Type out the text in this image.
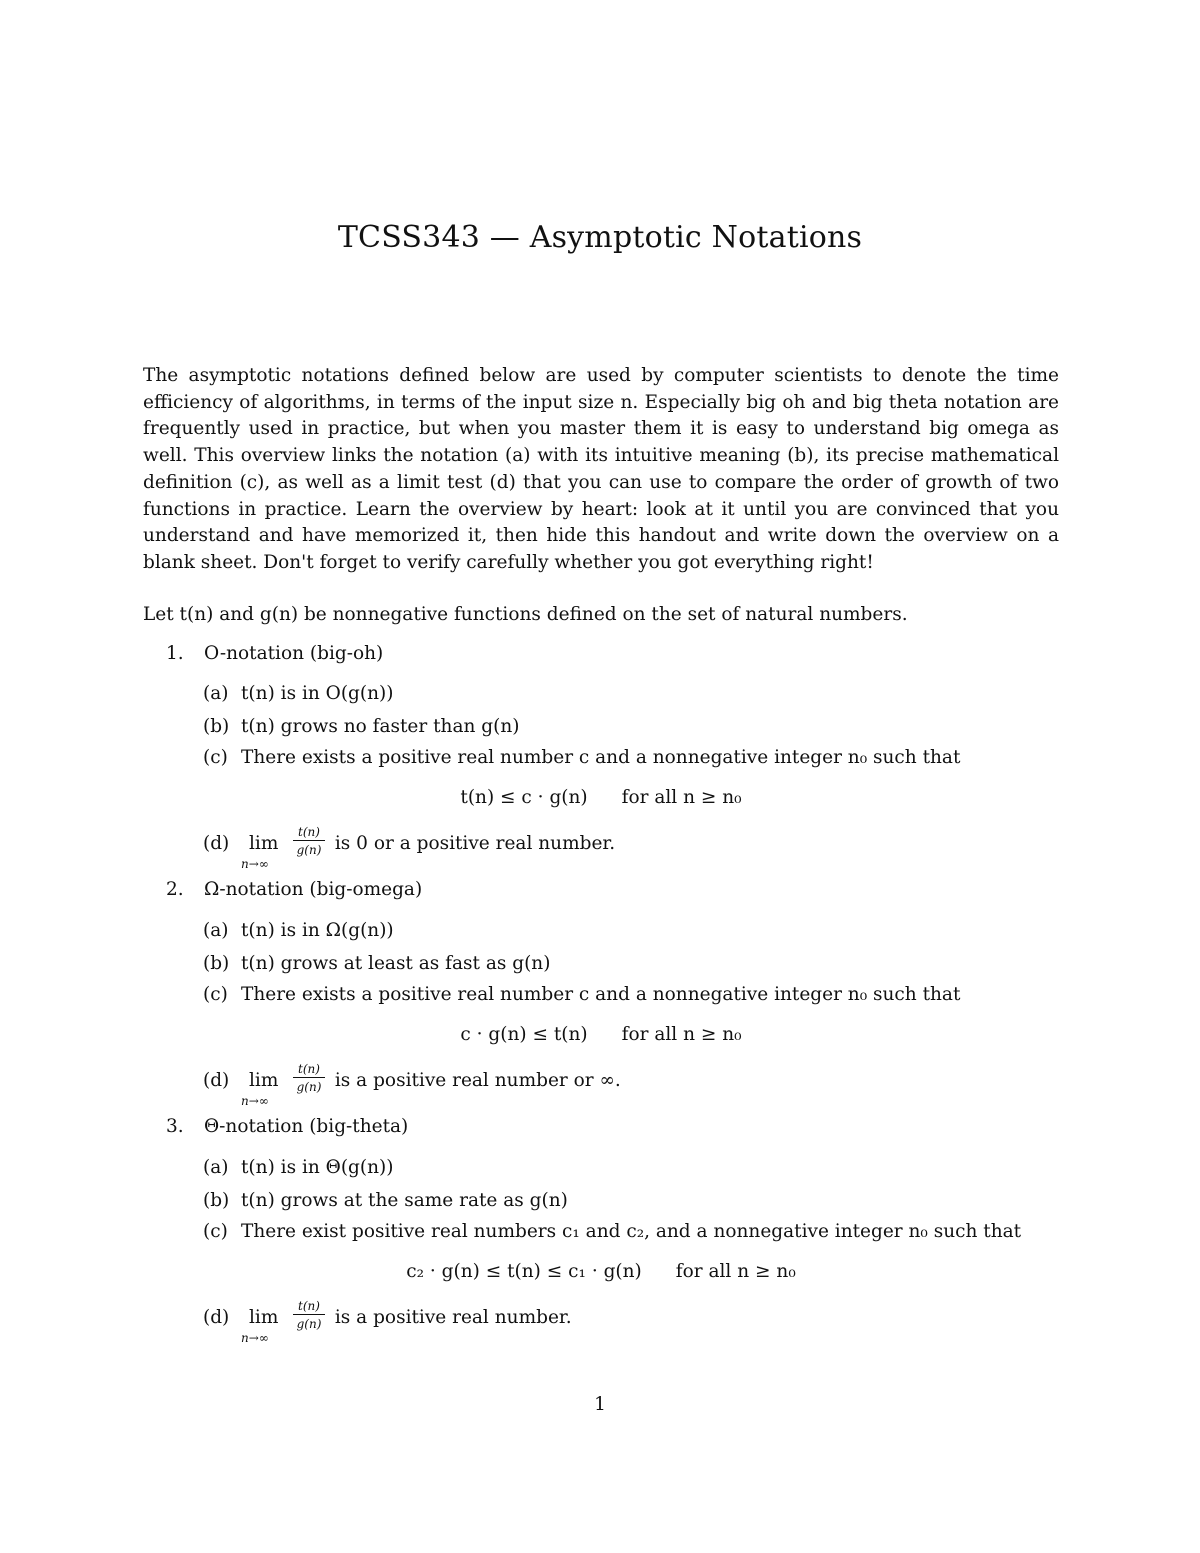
TCSS343 — Asymptotic Notations
The asymptotic notations defined below are used by computer scientists to denote the time efficiency of algorithms, in terms of the input size n. Especially big oh and big theta notation are frequently used in practice, but when you master them it is easy to understand big omega as well. This overview links the notation (a) with its intuitive meaning (b), its precise mathematical definition (c), as well as a limit test (d) that you can use to compare the order of growth of two functions in practice. Learn the overview by heart: look at it until you are convinced that you understand and have memorized it, then hide this handout and write down the overview on a blank sheet. Don't forget to verify carefully whether you got everything right!
Let t(n) and g(n) be nonnegative functions defined on the set of natural numbers.
1. O-notation (big-oh)
(a) t(n) is in O(g(n))
(b) t(n) grows no faster than g(n)
(c) There exists a positive real number c and a nonnegative integer n₀ such that
t(n) ≤ c · g(n) for all n ≥ n₀
(d) lim
n→∞
$\frac{t(n)}{g(n)}$ is 0 or a positive real number.
2. Ω-notation (big-omega)
(a) t(n) is in Ω(g(n))
(b) t(n) grows at least as fast as g(n)
(c) There exists a positive real number c and a nonnegative integer n₀ such that
c · g(n) ≤ t(n) for all n ≥ n₀
(d) lim
n→∞
$\frac{t(n)}{g(n)}$ is a positive real number or ∞.
3. Θ-notation (big-theta)
(a) t(n) is in Θ(g(n))
(b) t(n) grows at the same rate as g(n)
(c) There exist positive real numbers c₁ and c₂, and a nonnegative integer n₀ such that
c₂ · g(n) ≤ t(n) ≤ c₁ · g(n) for all n ≥ n₀
(d) lim
n→∞
$\frac{t(n)}{g(n)}$ is a positive real number.
1
